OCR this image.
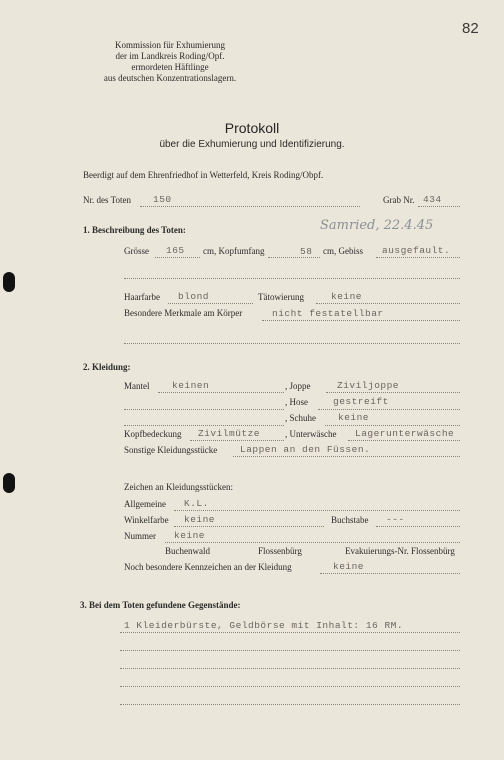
82
Kommission für Exhumierung
der im Landkreis Roding/Opf.
ermordeten Häftlinge
aus deutschen Konzentrationslagern.
Protokoll
über die Exhumierung und Identifizierung.
Beerdigt auf dem Ehrenfriedhof in Wetterfeld, Kreis Roding/Obpf.
Nr. des Toten 150	Grab Nr. 434
1. Beschreibung des Toten:	Samried, 22.4.45
Grösse 165 cm, Kopfumfang	58 cm, Gebiss ausgefault.
Haarfarbe blond	Tätowierung	keine
Besondere Merkmale am Körper	nicht festatellbar
2. Kleidung:
Mantel keinen	, Joppe	Ziviljoppe
, Hose	gestreift
, Schuhe keine
Kopfbedeckung Zivilmütze	, Unterwäsche Lagerunterwäsche
Sonstige Kleidungsstücke Lappen an den Füssen.
Zeichen an Kleidungsstücken:
Allgemeine K.L.
Winkelfarbe keine	Buchstabe ---
Nummer keine
Buchenwald	Flossenbürg	Evakuierungs-Nr. Flossenbürg
Noch besondere Kennzeichen an der Kleidung	keine
3. Bei dem Toten gefundene Gegenstände:
1 Kleiderbürste, Geldbörse mit Inhalt: 16 RM.
